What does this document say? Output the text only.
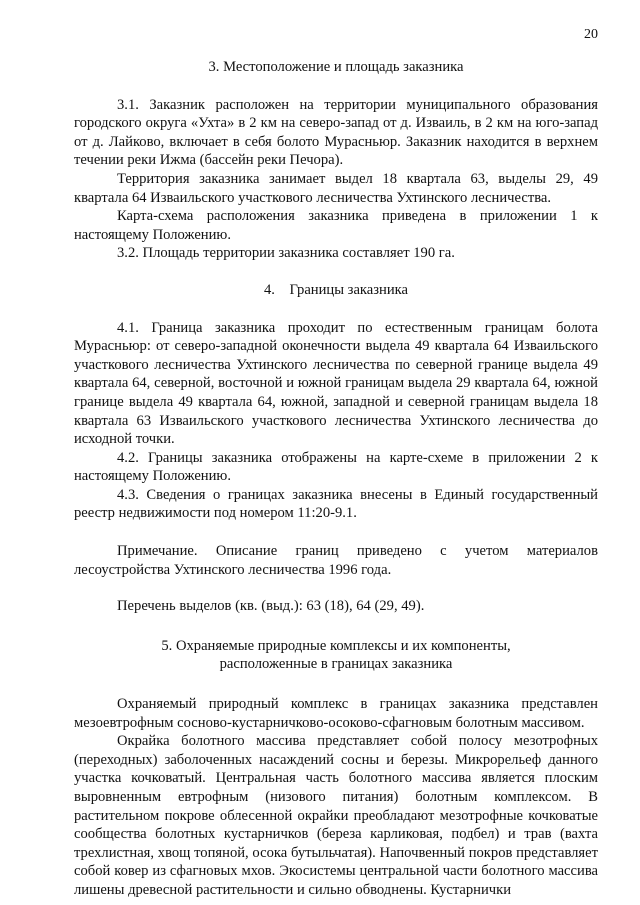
20
3. Местоположение и площадь заказника

3.1. Заказник расположен на территории муниципального образования городского округа «Ухта» в 2 км на северо-запад от д. Изваиль, в 2 км на юго-запад от д. Лайково, включает в себя болото Мурасньюр. Заказник находится в верхнем течении реки Ижма (бассейн реки Печора).

Территория заказника занимает выдел 18 квартала 63, выделы 29, 49 квартала 64 Изваильского участкового лесничества Ухтинского лесничества.

Карта-схема расположения заказника приведена в приложении 1 к настоящему Положению.

3.2. Площадь территории заказника составляет 190 га.

4.    Границы заказника

4.1. Граница заказника проходит по естественным границам болота Мурасньюр: от северо-западной оконечности выдела 49 квартала 64 Изваильского участкового лесничества Ухтинского лесничества по северной границе выдела 49 квартала 64, северной, восточной и южной границам выдела 29 квартала 64, южной границе выдела 49 квартала 64, южной, западной и северной границам выдела 18 квартала 63 Изваильского участкового лесничества Ухтинского лесничества до исходной точки.

4.2. Границы заказника отображены на карте-схеме в приложении 2 к настоящему Положению.

4.3. Сведения о границах заказника внесены в Единый государственный реестр недвижимости под номером 11:20-9.1.

Примечание. Описание границ приведено с учетом материалов лесоустройства Ухтинского лесничества 1996 года.

Перечень выделов (кв. (выд.): 63 (18), 64 (29, 49).

5. Охраняемые природные комплексы и их компоненты,
расположенные в границах заказника

Охраняемый природный комплекс в границах заказника представлен мезоевтрофным сосново-кустарничково-осоково-сфагновым болотным массивом.

Окрайка болотного массива представляет собой полосу мезотрофных (переходных) заболоченных насаждений сосны и березы. Микрорельеф данного участка кочковатый. Центральная часть болотного массива является плоским выровненным евтрофным (низового питания) болотным комплексом. В растительном покрове облесенной окрайки преобладают мезотрофные кочковатые сообщества болотных кустарничков (береза карликовая, подбел) и трав (вахта трехлистная, хвощ топяной, осока бутыльчатая). Напочвенный покров представляет собой ковер из сфагновых мхов. Экосистемы центральной части болотного массива лишены древесной растительности и сильно обводнены. Кустарнички
